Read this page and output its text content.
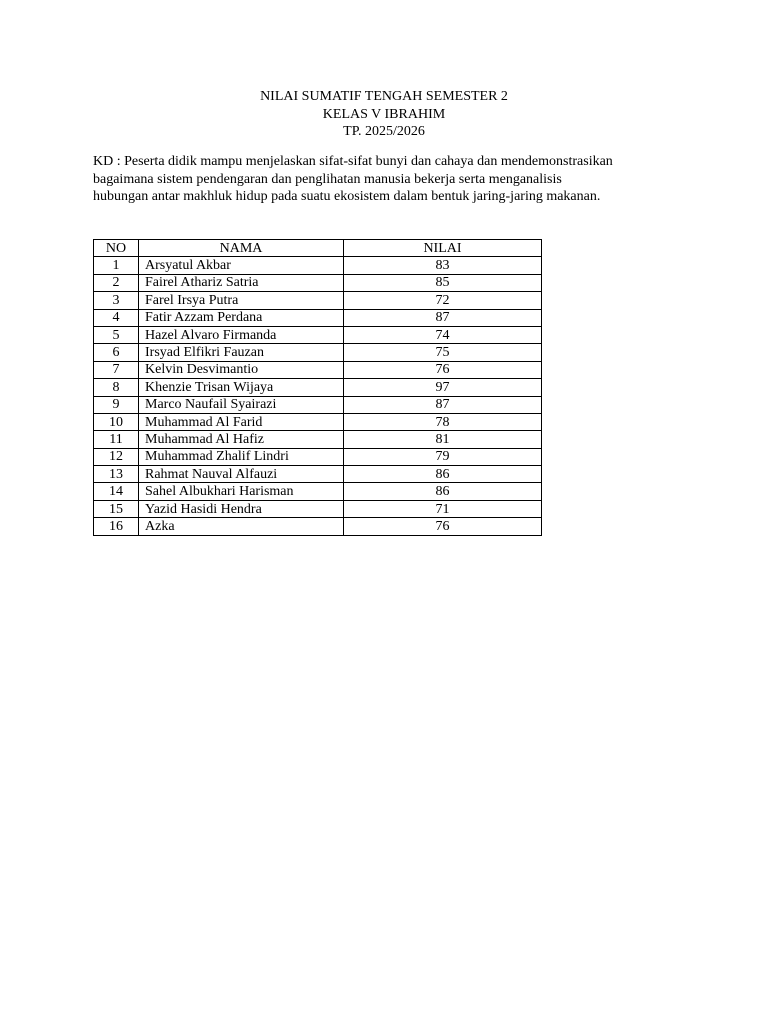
NILAI SUMATIF TENGAH SEMESTER 2
KELAS V IBRAHIM
TP. 2025/2026
KD : Peserta didik mampu menjelaskan sifat-sifat bunyi dan cahaya dan mendemonstrasikan
bagaimana sistem pendengaran dan penglihatan manusia bekerja serta menganalisis
hubungan antar makhluk hidup pada suatu ekosistem dalam bentuk jaring-jaring makanan.
NO	NAMA	NILAI
1	Arsyatul Akbar	83
2	Fairel Athariz Satria	85
3	Farel Irsya Putra	72
4	Fatir Azzam Perdana	87
5	Hazel Alvaro Firmanda	74
6	Irsyad Elfikri Fauzan	75
7	Kelvin Desvimantio	76
8	Khenzie Trisan Wijaya	97
9	Marco Naufail Syairazi	87
10	Muhammad Al Farid	78
11	Muhammad Al Hafiz	81
12	Muhammad Zhalif Lindri	79
13	Rahmat Nauval Alfauzi	86
14	Sahel Albukhari Harisman	86
15	Yazid Hasidi Hendra	71
16	Azka	76
